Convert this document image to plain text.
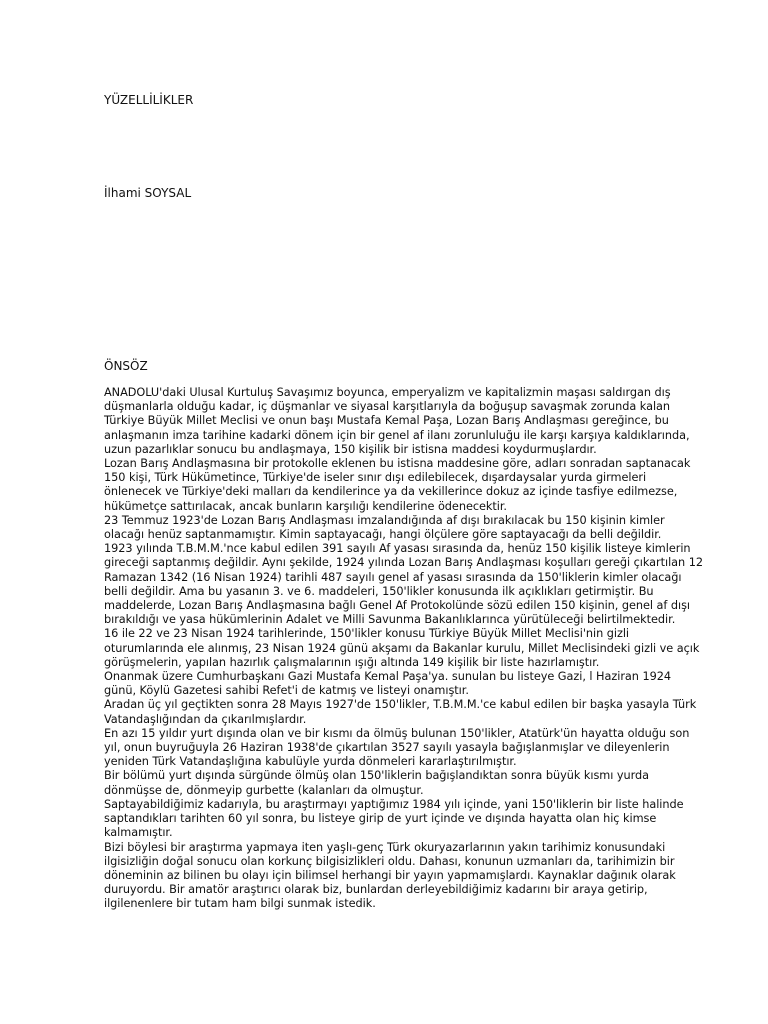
YÜZELLİLİKLER

İlhami SOYSAL

ÖNSÖZ

ANADOLU'daki Ulusal Kurtuluş Savaşımız boyunca, emperyalizm ve kapitalizmin maşası saldırgan dış düşmanlarla olduğu kadar, iç düşmanlar ve siyasal karşıtlarıyla da boğuşup savaşmak zorunda kalan Türkiye Büyük Millet Meclisi ve onun başı Mustafa Kemal Paşa, Lozan Barış Andlaşması gereğince, bu anlaşmanın imza tarihine kadarki dönem için bir genel af ilanı zorunluluğu ile karşı karşıya kaldıklarında, uzun pazarlıklar sonucu bu andlaşmaya, 150 kişilik bir istisna maddesi koydurmuşlardır.

Lozan Barış Andlaşmasına bir protokolle eklenen bu istisna maddesine göre, adları sonradan saptanacak 150 kişi, Türk Hükümetince, Türkiye'de iseler sınır dışı edilebilecek, dışardaysalar yurda girmeleri önlenecek ve Türkiye'deki malları da kendilerince ya da vekillerince dokuz az içinde tasfiye edilmezse, hükümetçe sattırılacak, ancak bunların karşılığı kendilerine ödenecektir.

23 Temmuz 1923'de Lozan Barış Andlaşması imzalandığında af dışı bırakılacak bu 150 kişinin kimler olacağı henüz saptanmamıştır. Kimin saptayacağı, hangi ölçülere göre saptayacağı da belli değildir.

1923 yılında T.B.M.M.'nce kabul edilen 391 sayılı Af yasası sırasında da, henüz 150 kişilik listeye kimlerin gireceği saptanmış değildir. Aynı şekilde, 1924 yılında Lozan Barış Andlaşması koşulları gereği çıkartılan 12 Ramazan 1342 (16 Nisan 1924) tarihli 487 sayılı genel af yasası sırasında da 150'liklerin kimler olacağı belli değildir. Ama bu yasanın 3. ve 6. maddeleri, 150'likler konusunda ilk açıklıkları getirmiştir. Bu maddelerde, Lozan Barış Andlaşmasına bağlı Genel Af Protokolünde sözü edilen 150 kişinin, genel af dışı bırakıldığı ve yasa hükümlerinin Adalet ve Milli Savunma Bakanlıklarınca yürütüleceği belirtilmektedir.

16 ile 22 ve 23 Nisan 1924 tarihlerinde, 150'likler konusu Türkiye Büyük Millet Meclisi'nin gizli oturumlarında ele alınmış, 23 Nisan 1924 günü akşamı da Bakanlar kurulu, Millet Meclisindeki gizli ve açık görüşmelerin, yapılan hazırlık çalışmalarının ışığı altında 149 kişilik bir liste hazırlamıştır.

Onanmak üzere Cumhurbaşkanı Gazi Mustafa Kemal Paşa'ya. sunulan bu listeye Gazi, l Haziran 1924 günü, Köylü Gazetesi sahibi Refet'i de katmış ve listeyi onamıştır.

Aradan üç yıl geçtikten sonra 28 Mayıs 1927'de 150'likler, T.B.M.M.'ce kabul edilen bir başka yasayla Türk Vatandaşlığından da çıkarılmışlardır.

En azı 15 yıldır yurt dışında olan ve bir kısmı da ölmüş bulunan 150'likler, Atatürk'ün hayatta olduğu son yıl, onun buyruğuyla 26 Haziran 1938'de çıkartılan 3527 sayılı yasayla bağışlanmışlar ve dileyenlerin yeniden Türk Vatandaşlığına kabulüyle yurda dönmeleri kararlaştırılmıştır.

Bir bölümü yurt dışında sürgünde ölmüş olan 150'liklerin bağışlandıktan sonra büyük kısmı yurda dönmüşse de, dönmeyip gurbette (kalanları da olmuştur.

Saptayabildiğimiz kadarıyla, bu araştırmayı yaptığımız 1984 yılı içinde, yani 150'liklerin bir liste halinde saptandıkları tarihten 60 yıl sonra, bu listeye girip de yurt içinde ve dışında hayatta olan hiç kimse kalmamıştır.

Bizi böylesi bir araştırma yapmaya iten yaşlı-genç Türk okuryazarlarının yakın tarihimiz konusundaki ilgisizliğin doğal sonucu olan korkunç bilgisizlikleri oldu. Dahası, konunun uzmanları da, tarihimizin bir döneminin az bilinen bu olayı için bilimsel herhangi bir yayın yapmamışlardı. Kaynaklar dağınık olarak duruyordu. Bir amatör araştırıcı olarak biz, bunlardan derleyebildiğimiz kadarını bir araya getirip, ilgilenenlere bir tutam ham bilgi sunmak istedik.
